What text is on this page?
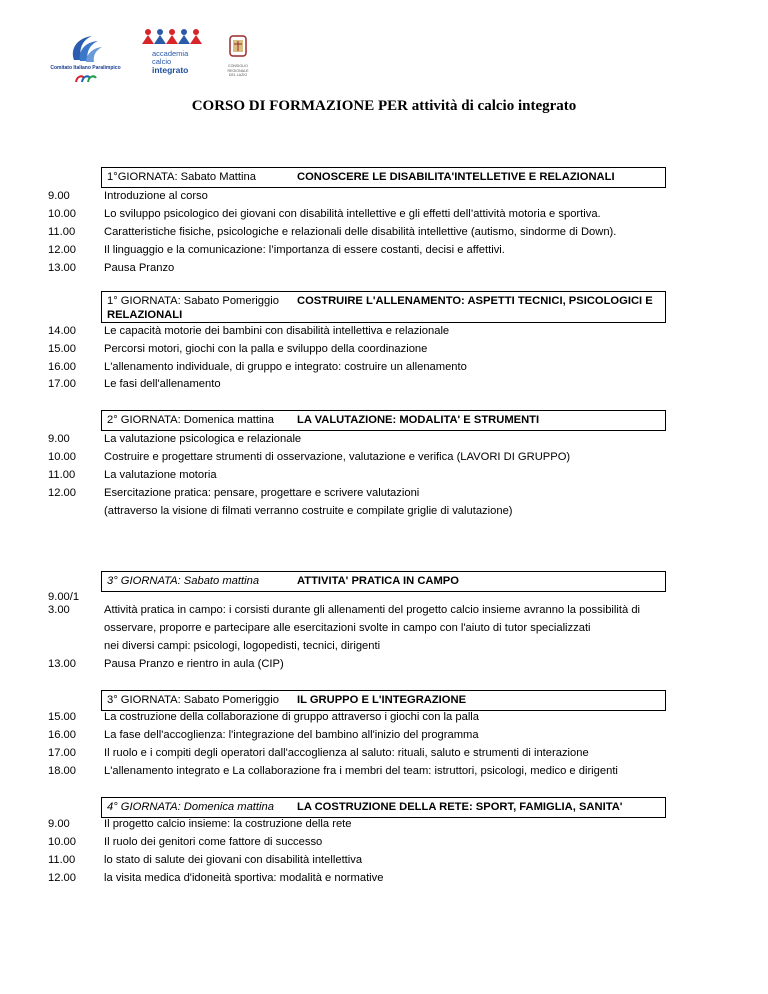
Comitato Italiano Paralimpico
accademia
calcio
integrato	CONSIGLIO
REGIONALE
DEL LAZIO
CORSO DI FORMAZIONE PER attività di calcio integrato
1°GIORNATA: Sabato Mattina	CONOSCERE LE DISABILITA'INTELLETIVE E RELAZIONALI
9.00	Introduzione al corso
10.00	Lo sviluppo psicologico dei giovani con disabilità intellettive e gli effetti dell’attività motoria e sportiva.
11.00	Caratteristiche fisiche, psicologiche e relazionali delle disabilità intellettive (autismo, sindorme di Down).
12.00	Il linguaggio e la comunicazione: l’importanza di essere costanti, decisi e affettivi.
13.00	Pausa Pranzo
1° GIORNATA: Sabato Pomeriggio COSTRUIRE L'ALLENAMENTO: ASPETTI TECNICI, PSICOLOGICI E
RELAZIONALI
14.00	Le capacità motorie dei bambini con disabilità intellettiva e relazionale
15.00	Percorsi motori, giochi con la palla e sviluppo della coordinazione
16.00	L'allenamento individuale, di gruppo e integrato: costruire un allenamento
17.00	Le fasi dell'allenamento
2° GIORNATA: Domenica mattina LA VALUTAZIONE: MODALITA' E STRUMENTI
9.00	La valutazione psicologica e relazionale
10.00	Costruire e progettare strumenti di osservazione, valutazione e verifica (LAVORI DI GRUPPO)
11.00	La valutazione motoria
12.00	Esercitazione pratica: pensare, progettare e scrivere valutazioni
(attraverso la visione di filmati verranno costruite e compilate griglie di valutazione)
3° GIORNATA: Sabato mattina	ATTIVITA' PRATICA IN CAMPO
9.00/1
3.00	Attività pratica in campo: i corsisti durante gli allenamenti del progetto calcio insieme avranno la possibilità di
osservare, proporre e partecipare alle esercitazioni svolte in campo con l'aiuto di tutor specializzati
nei diversi campi: psicologi, logopedisti, tecnici, dirigenti
13.00	Pausa Pranzo e rientro in aula (CIP)
3° GIORNATA: Sabato Pomeriggio IL GRUPPO E L'INTEGRAZIONE
15.00	La costruzione della collaborazione di gruppo attraverso i giochi con la palla
16.00	La fase dell'accoglienza: l'integrazione del bambino all'inizio del programma
17.00	Il ruolo e i compiti degli operatori dall'accoglienza al saluto: rituali, saluto e strumenti di interazione
18.00	L'allenamento integrato e La collaborazione fra i membri del team: istruttori, psicologi, medico e dirigenti
4° GIORNATA: Domenica mattina LA COSTRUZIONE DELLA RETE: SPORT, FAMIGLIA, SANITA'
9.00	Il progetto calcio insieme: la costruzione della rete
10.00	Il ruolo dei genitori come fattore di successo
11.00	lo stato di salute dei giovani con disabilità intellettiva
12.00	la visita medica d'idoneità sportiva: modalità e normative
